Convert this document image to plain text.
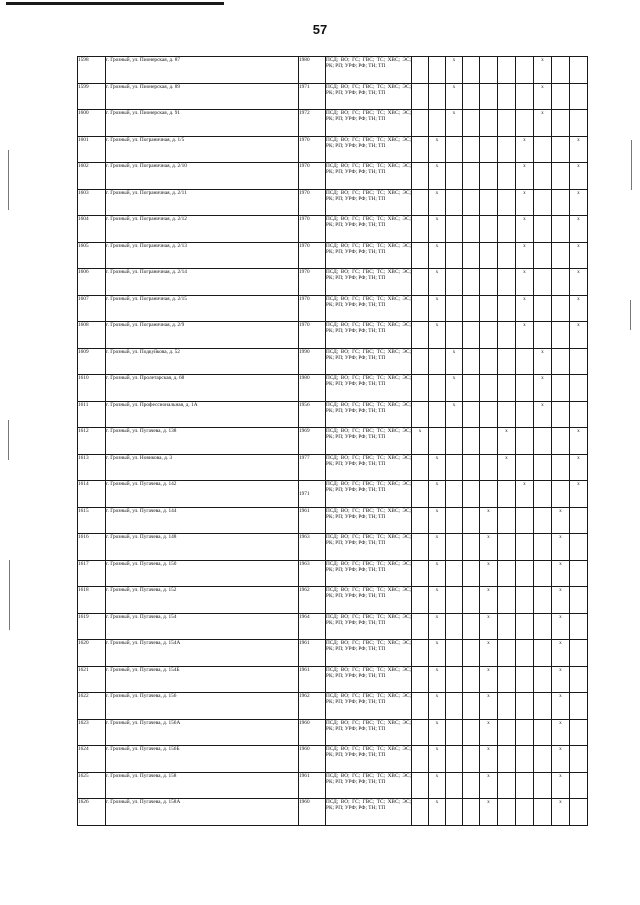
57
1598	г. Грозный, ул. Пионерская, д. 87	1980	ПСД; ВО; ГС; ГВС; ТС; ХВС; ЭС; РК; РП; УРФ; РФ; ТН; ТП			x					x		
1599	г. Грозный, ул. Пионерская, д. 89	1971	ПСД; ВО; ГС; ГВС; ТС; ХВС; ЭС; РК; РП; УРФ; РФ; ТН; ТП			x					x		
1600	г. Грозный, ул. Пионерская, д. 91	1972	ПСД; ВО; ГС; ГВС; ТС; ХВС; ЭС; РК; РП; УРФ; РФ; ТН; ТП			x					x		
1601	г. Грозный, ул. Пограничная, д. 1/5	1970	ПСД; ВО; ГС; ГВС; ТС; ХВС; ЭС; РК; РП; УРФ; РФ; ТН; ТП		x					x			x
1602	г. Грозный, ул. Пограничная, д. 2/10	1970	ПСД; ВО; ГС; ГВС; ТС; ХВС; ЭС; РК; РП; УРФ; РФ; ТН; ТП		x					x			x
1603	г. Грозный, ул. Пограничная, д. 2/11	1970	ПСД; ВО; ГС; ГВС; ТС; ХВС; ЭС; РК; РП; УРФ; РФ; ТН; ТП		x					x			x
1604	г. Грозный, ул. Пограничная, д. 2/12	1970	ПСД; ВО; ГС; ГВС; ТС; ХВС; ЭС; РК; РП; УРФ; РФ; ТН; ТП		x					x			x
1605	г. Грозный, ул. Пограничная, д. 2/13	1970	ПСД; ВО; ГС; ГВС; ТС; ХВС; ЭС; РК; РП; УРФ; РФ; ТН; ТП		x					x			x
1606	г. Грозный, ул. Пограничная, д. 2/14	1970	ПСД; ВО; ГС; ГВС; ТС; ХВС; ЭС; РК; РП; УРФ; РФ; ТН; ТП		x					x			x
1607	г. Грозный, ул. Пограничная, д. 2/15	1970	ПСД; ВО; ГС; ГВС; ТС; ХВС; ЭС; РК; РП; УРФ; РФ; ТН; ТП		x					x			x
1608	г. Грозный, ул. Пограничная, д. 2/9	1970	ПСД; ВО; ГС; ГВС; ТС; ХВС; ЭС; РК; РП; УРФ; РФ; ТН; ТП		x					x			x
1609	г. Грозный, ул. Подкуйкова, д. 52	1990	ПСД; ВО; ГС; ГВС; ТС; ХВС; ЭС; РК; РП; УРФ; РФ; ТН; ТП			x					x		
1610	г. Грозный, ул. Пролетарская, д. 68	1980	ПСД; ВО; ГС; ГВС; ТС; ХВС; ЭС; РК; РП; УРФ; РФ; ТН; ТП			x					x		
1611	г. Грозный, ул. Профессиональная, д. 1А	1956	ПСД; ВО; ГС; ГВС; ТС; ХВС; ЭС; РК; РП; УРФ; РФ; ТН; ТП			x					x		
1612	г. Грозный, ул. Пугачева, д. 138	1969	ПСД; ВО; ГС; ГВС; ТС; ХВС; ЭС; РК; РП; УРФ; РФ; ТН; ТП	x					x				x
1613	г. Грозный, ул. Новикова, д. 3	1977	ПСД; ВО; ГС; ГВС; ТС; ХВС; ЭС; РК; РП; УРФ; РФ; ТН; ТП		x				x				x
1614	г. Грозный, ул. Пугачева, д. 142	1971	ПСД; ВО; ГС; ГВС; ТС; ХВС; ЭС; РК; РП; УРФ; РФ; ТН; ТП		x					x			x
1615	г. Грозный, ул. Пугачева, д. 144	1961	ПСД; ВО; ГС; ГВС; ТС; ХВС; ЭС; РК; РП; УРФ; РФ; ТН; ТП		x			x				x	
1616	г. Грозный, ул. Пугачева, д. 148	1963	ПСД; ВО; ГС; ГВС; ТС; ХВС; ЭС; РК; РП; УРФ; РФ; ТН; ТП		x			x				x	
1617	г. Грозный, ул. Пугачева, д. 150	1963	ПСД; ВО; ГС; ГВС; ТС; ХВС; ЭС; РК; РП; УРФ; РФ; ТН; ТП		x			x				x	
1618	г. Грозный, ул. Пугачева, д. 152	1962	ПСД; ВО; ГС; ГВС; ТС; ХВС; ЭС; РК; РП; УРФ; РФ; ТН; ТП		x			x				x	
1619	г. Грозный, ул. Пугачева, д. 154	1964	ПСД; ВО; ГС; ГВС; ТС; ХВС; ЭС; РК; РП; УРФ; РФ; ТН; ТП		x			x				x	
1620	г. Грозный, ул. Пугачева, д. 154А	1961	ПСД; ВО; ГС; ГВС; ТС; ХВС; ЭС; РК; РП; УРФ; РФ; ТН; ТП		x			x				x	
1621	г. Грозный, ул. Пугачева, д. 154Б	1961	ПСД; ВО; ГС; ГВС; ТС; ХВС; ЭС; РК; РП; УРФ; РФ; ТН; ТП		x			x				x	
1622	г. Грозный, ул. Пугачева, д. 156	1962	ПСД; ВО; ГС; ГВС; ТС; ХВС; ЭС; РК; РП; УРФ; РФ; ТН; ТП		x			x				x	
1623	г. Грозный, ул. Пугачева, д. 156А	1960	ПСД; ВО; ГС; ГВС; ТС; ХВС; ЭС; РК; РП; УРФ; РФ; ТН; ТП		x			x				x	
1624	г. Грозный, ул. Пугачева, д. 156Б	1960	ПСД; ВО; ГС; ГВС; ТС; ХВС; ЭС; РК; РП; УРФ; РФ; ТН; ТП		x			x				x	
1625	г. Грозный, ул. Пугачева, д. 158	1961	ПСД; ВО; ГС; ГВС; ТС; ХВС; ЭС; РК; РП; УРФ; РФ; ТН; ТП		x			x				x	
1626	г. Грозный, ул. Пугачева, д. 158А	1960	ПСД; ВО; ГС; ГВС; ТС; ХВС; ЭС; РК; РП; УРФ; РФ; ТН; ТП		x			x				x	
